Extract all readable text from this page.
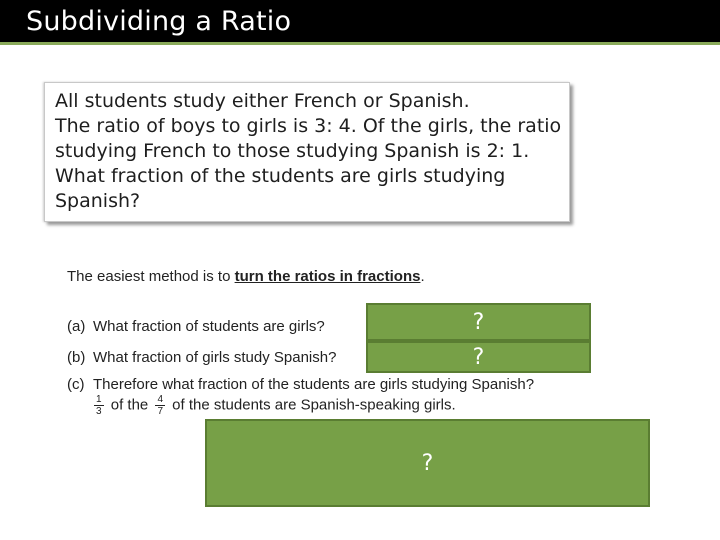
Subdividing a Ratio
All students study either French or Spanish.
The ratio of boys to girls is 3: 4. Of the girls, the ratio
studying French to those studying Spanish is 2: 1.
What fraction of the students are girls studying
Spanish?
The easiest method is to turn the ratios in fractions.
(a) What fraction of students are girls?
(b) What fraction of girls study Spanish?
(c) Therefore what fraction of the students are girls studying Spanish?
$\frac{1}{3}$ of the $\frac{4}{7}$ of the students are Spanish-speaking girls.
?
?
?
